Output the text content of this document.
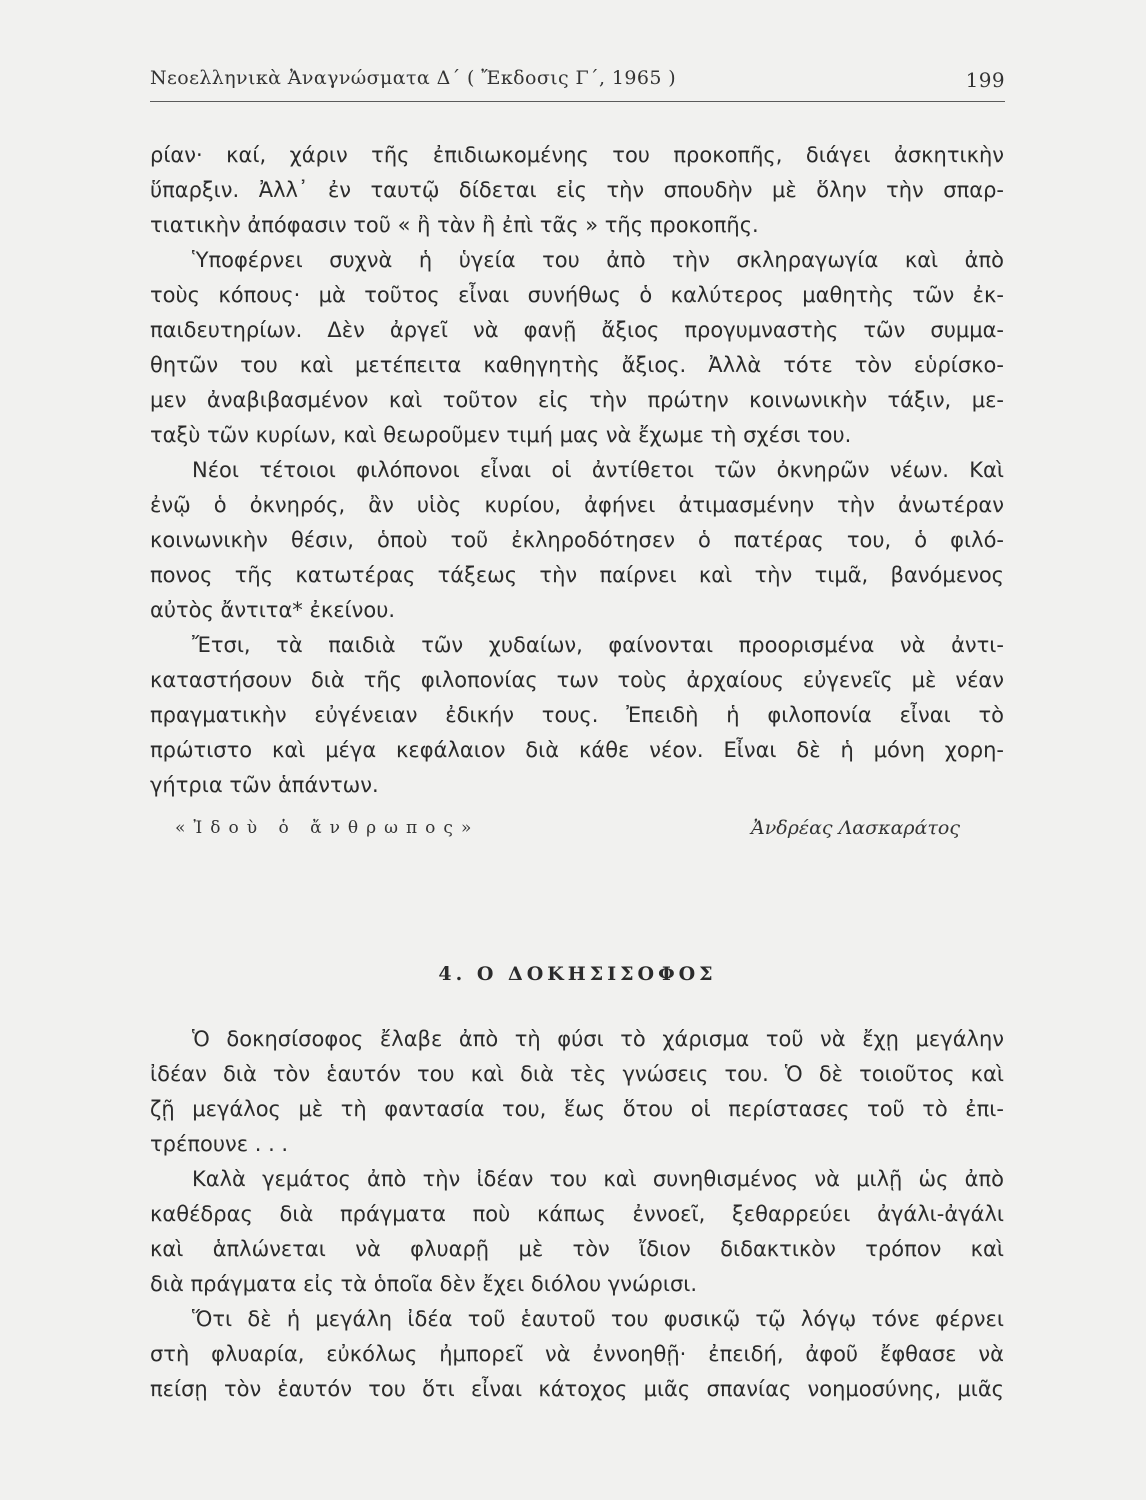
Νεοελληνικὰ Ἀναγνώσματα Δ΄ ( Ἔκδοσις Γ΄, 1965 )	199
ρίαν· καί, χάριν τῆς ἐπιδιωκομένης του προκοπῆς, διάγει ἀσκητικὴν
ὕπαρξιν. Ἀλλ᾽ ἐν ταυτῷ δίδεται εἰς τὴν σπουδὴν μὲ ὅλην τὴν σπαρ-
τιατικὴν ἀπόφασιν τοῦ « ἢ τὰν ἢ ἐπὶ τᾶς » τῆς προκοπῆς.
Ὑποφέρνει συχνὰ ἡ ὑγεία του ἀπὸ τὴν σκληραγωγία καὶ ἀπὸ
τοὺς κόπους· μὰ τοῦτος εἶναι συνήθως ὁ καλύτερος μαθητὴς τῶν ἐκ-
παιδευτηρίων. Δὲν ἀργεῖ νὰ φανῇ ἄξιος προγυμναστὴς τῶν συμμα-
θητῶν του καὶ μετέπειτα καθηγητὴς ἄξιος. Ἀλλὰ τότε τὸν εὑρίσκο-
μεν ἀναβιβασμένον καὶ τοῦτον εἰς τὴν πρώτην κοινωνικὴν τάξιν, με-
ταξὺ τῶν κυρίων, καὶ θεωροῦμεν τιμή μας νὰ ἔχωμε τὴ σχέσι του.
Νέοι τέτοιοι φιλόπονοι εἶναι οἱ ἀντίθετοι τῶν ὀκνηρῶν νέων. Καὶ
ἐνῷ ὁ ὀκνηρός, ἂν υἱὸς κυρίου, ἀφήνει ἀτιμασμένην τὴν ἀνωτέραν
κοινωνικὴν θέσιν, ὁποὺ τοῦ ἐκληροδότησεν ὁ πατέρας του, ὁ φιλό-
πονος τῆς κατωτέρας τάξεως τὴν παίρνει καὶ τὴν τιμᾶ, βανόμενος
αὐτὸς ἄντιτα* ἐκείνου.
Ἔτσι, τὰ παιδιὰ τῶν χυδαίων, φαίνονται προορισμένα νὰ ἀντι-
καταστήσουν διὰ τῆς φιλοπονίας των τοὺς ἀρχαίους εὐγενεῖς μὲ νέαν
πραγματικὴν εὐγένειαν ἐδικήν τους. Ἐπειδὴ ἡ φιλοπονία εἶναι τὸ
πρώτιστο καὶ μέγα κεφάλαιον διὰ κάθε νέον. Εἶναι δὲ ἡ μόνη χορη-
γήτρια τῶν ἁπάντων.
«Ἰδοὺ ὁ ἄνθρωπος»	Ἀνδρέας Λασκαράτος
4. Ο ΔΟΚΗΣΙΣΟΦΟΣ
Ὁ δοκησίσοφος ἔλαβε ἀπὸ τὴ φύσι τὸ χάρισμα τοῦ νὰ ἔχῃ μεγάλην
ἰδέαν διὰ τὸν ἑαυτόν του καὶ διὰ τὲς γνώσεις του. Ὁ δὲ τοιοῦτος καὶ
ζῇ μεγάλος μὲ τὴ φαντασία του, ἕως ὅτου οἱ περίστασες τοῦ τὸ ἐπι-
τρέπουνε . . .
Καλὰ γεμάτος ἀπὸ τὴν ἰδέαν του καὶ συνηθισμένος νὰ μιλῇ ὡς ἀπὸ
καθέδρας διὰ πράγματα ποὺ κάπως ἐννοεῖ, ξεθαρρεύει ἀγάλι-ἀγάλι
καὶ ἁπλώνεται νὰ φλυαρῇ μὲ τὸν ἴδιον διδακτικὸν τρόπον καὶ
διὰ πράγματα εἰς τὰ ὁποῖα δὲν ἔχει διόλου γνώρισι.
Ὅτι δὲ ἡ μεγάλη ἰδέα τοῦ ἑαυτοῦ του φυσικῷ τῷ λόγῳ τόνε φέρνει
στὴ φλυαρία, εὐκόλως ἠμπορεῖ νὰ ἐννοηθῇ· ἐπειδή, ἀφοῦ ἔφθασε νὰ
πείσῃ τὸν ἑαυτόν του ὅτι εἶναι κάτοχος μιᾶς σπανίας νοημοσύνης, μιᾶς
